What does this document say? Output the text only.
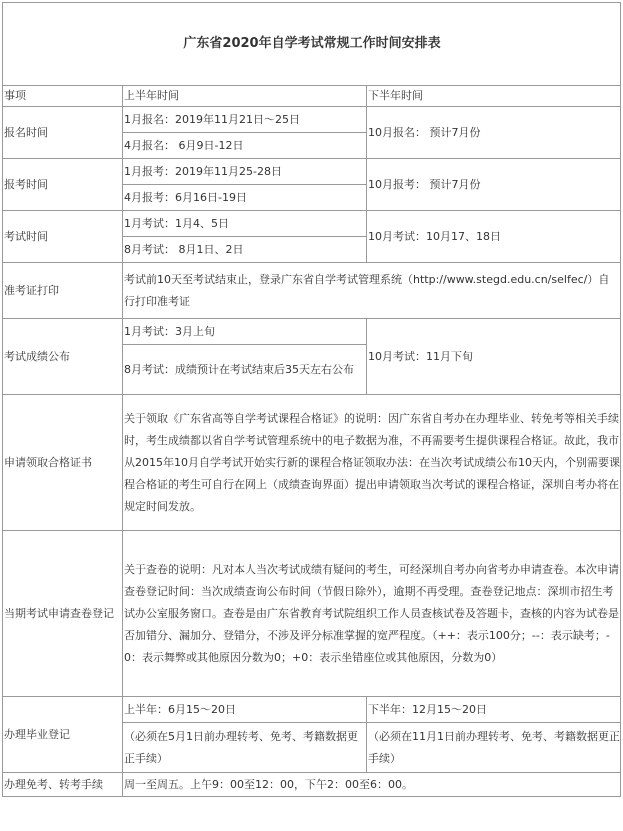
广东省2020年自学考试常规工作时间安排表		
事项	上半年时间	下半年时间
报名时间	1月报名：2019年11月21日～25日	10月报名： 预计7月份
	4月报名： 6月9日-12日	
报考时间	1月报考：2019年11月25-28日	10月报考： 预计7月份
	4月报考：6月16日-19日	
考试时间	1月考试：1月4、5日	10月考试：10月17、18日
	8月考试： 8月1日、2日	
准考证打印	考试前10天至考试结束止，登录广东省自学考试管理系统（http://www.stegd.edu.cn/selfec/）自行打印准考证	
考试成绩公布	1月考试：3月上旬	10月考试：11月下旬
	8月考试：成绩预计在考试结束后35天左右公布	
申请领取合格证书	关于领取《广东省高等自学考试课程合格证》的说明：因广东省自考办在办理毕业、转免考等相关手续时，考生成绩都以省自学考试管理系统中的电子数据为准，不再需要考生提供课程合格证。故此，我市从2015年10月自学考试开始实行新的课程合格证领取办法：在当次考试成绩公布10天内，个别需要课程合格证的考生可自行在网上（成绩查询界面）提出申请领取当次考试的课程合格证，深圳自考办将在规定时间发放。	
当期考试申请查卷登记	关于查卷的说明：凡对本人当次考试成绩有疑问的考生，可经深圳自考办向省考办申请查卷。本次申请查卷登记时间：当次成绩查询公布时间（节假日除外），逾期不再受理。查卷登记地点：深圳市招生考试办公室服务窗口。查卷是由广东省教育考试院组织工作人员查核试卷及答题卡，查核的内容为试卷是否加错分、漏加分、登错分，不涉及评分标准掌握的宽严程度。（++：表示100分；--：表示缺考；-0：表示舞弊或其他原因分数为0；+0：表示坐错座位或其他原因，分数为0）	
办理毕业登记	上半年：6月15～20日	下半年：12月15～20日
	（必须在5月1日前办理转考、免考、考籍数据更正手续）	（必须在11月1日前办理转考、免考、考籍数据更正手续）
办理免考、转考手续	周一至周五。上午9：00至12：00，下午2：00至6：00。	
